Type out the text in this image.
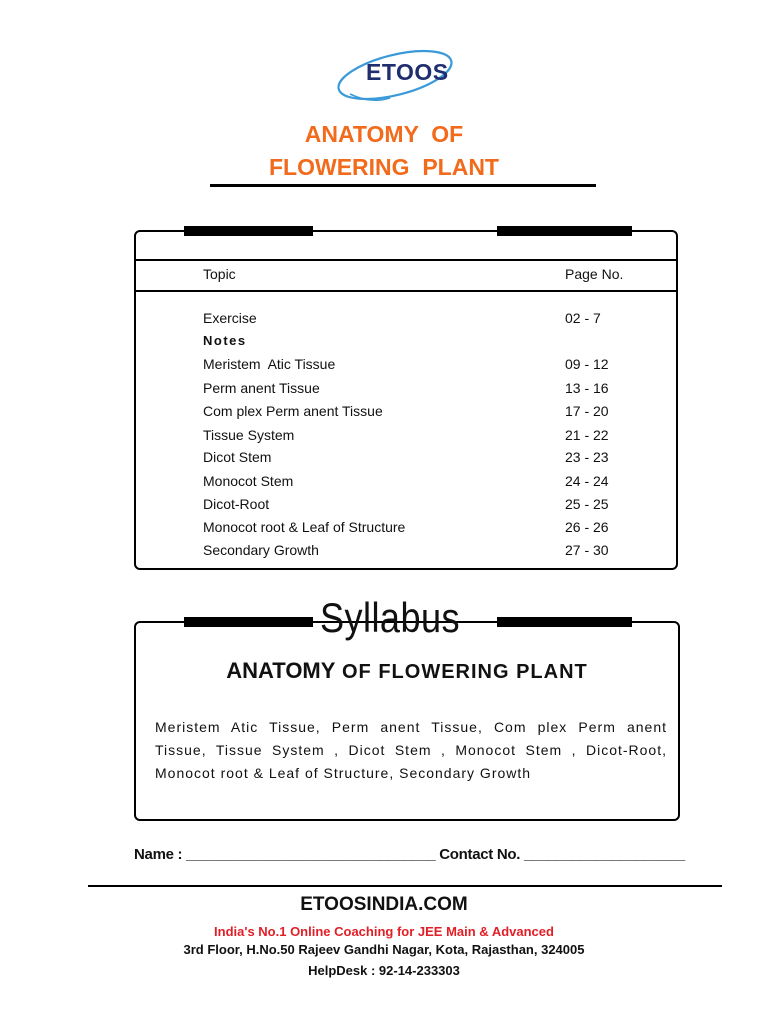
ETOOS
ANATOMY  OF
FLOWERING  PLANT
Topic	Page No.
Exercise	02 - 7
Notes
Meristem  Atic Tissue	09 - 12
Perm anent Tissue	13 - 16
Com plex Perm anent Tissue	17 - 20
Tissue System	21 - 22
Dicot Stem	23 - 23
Monocot Stem	24 - 24
Dicot-Root	25 - 25
Monocot root & Leaf of Structure	26 - 26
Secondary Growth	27 - 30
Syllabus
ANATOMY OF FLOWERING PLANT
Meristem Atic Tissue, Perm anent Tissue, Com plex Perm anent Tissue, Tissue System , Dicot Stem , Monocot Stem , Dicot-Root, Monocot root & Leaf of Structure, Secondary Growth
Name : _______________________________ Contact No. ____________________
ETOOSINDIA.COM
India's No.1 Online Coaching for JEE Main & Advanced
3rd Floor, H.No.50 Rajeev Gandhi Nagar, Kota, Rajasthan, 324005
HelpDesk : 92-14-233303
